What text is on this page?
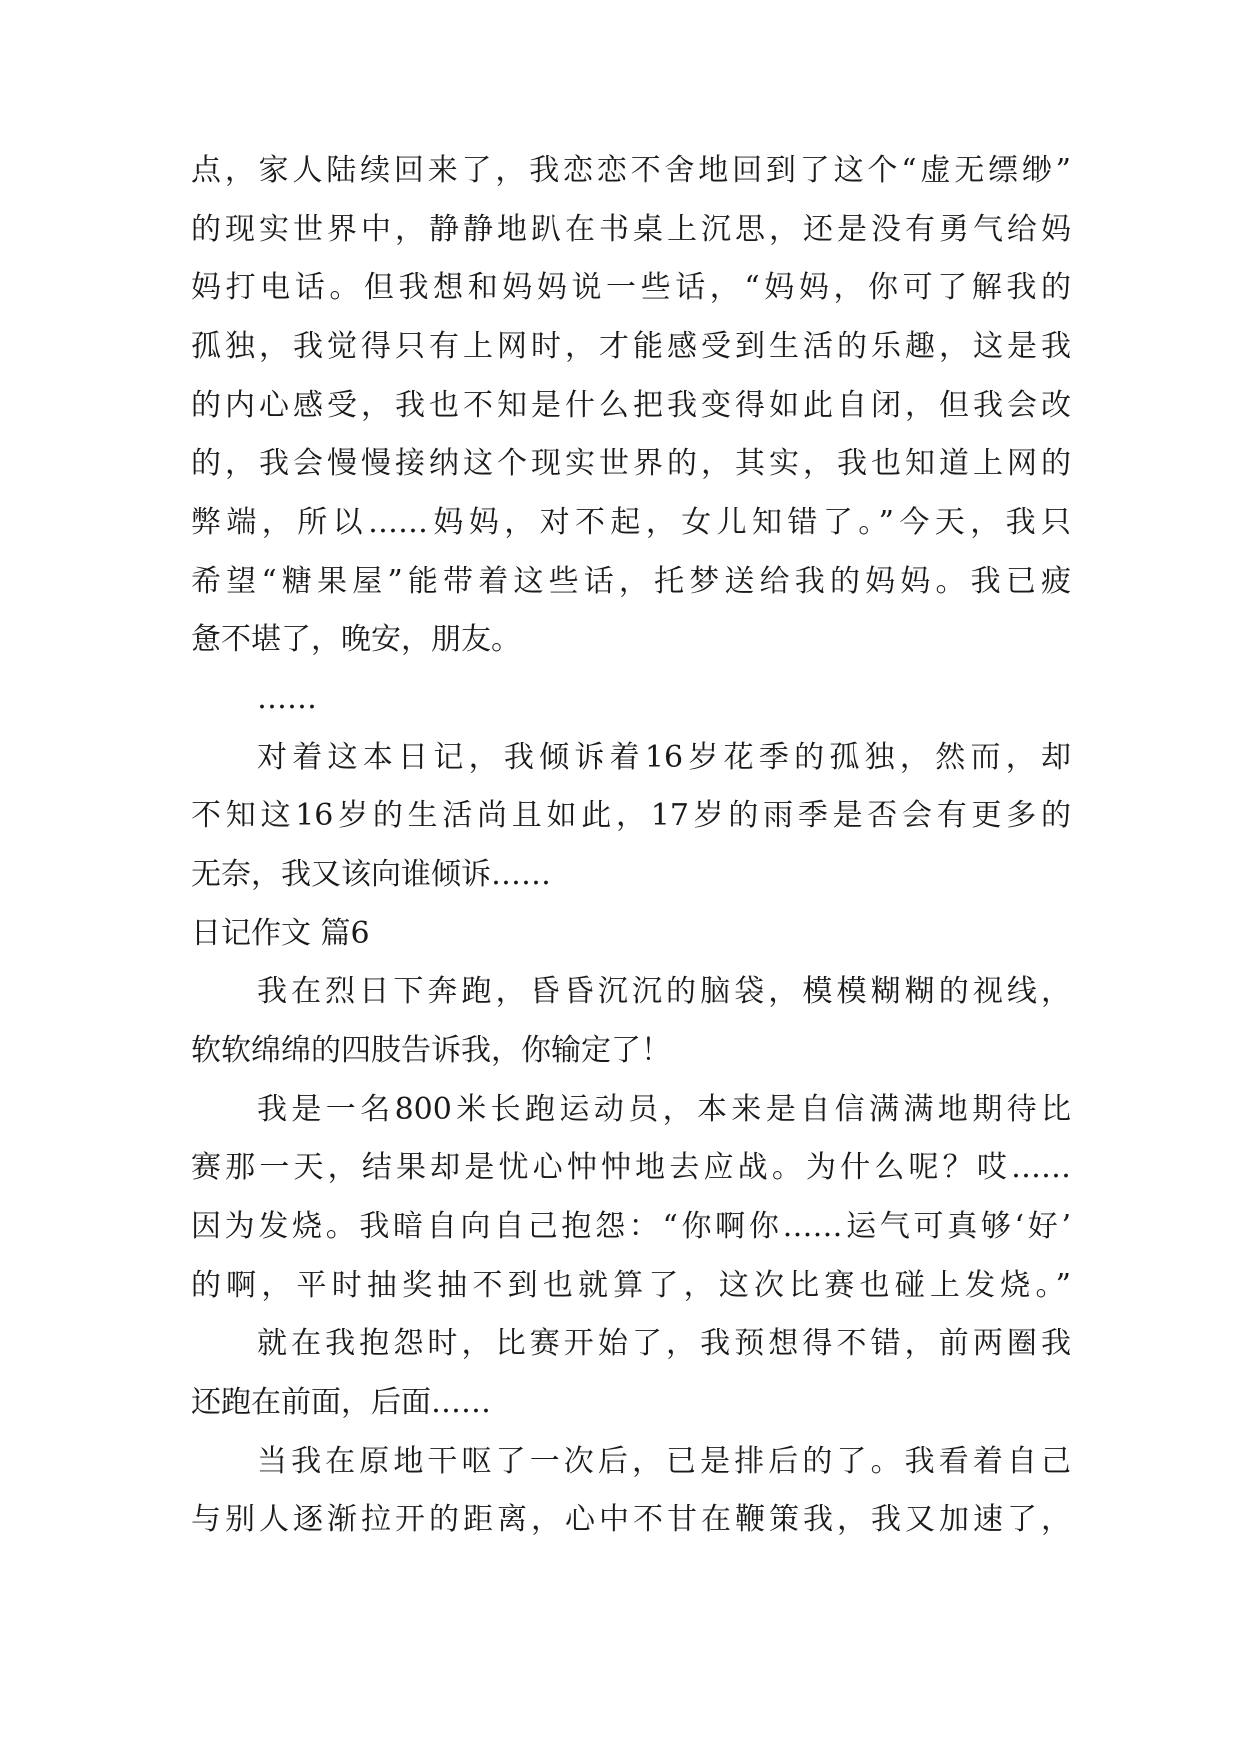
点，家人陆续回来了，我恋恋不舍地回到了这个“虚无缥缈”
的现实世界中，静静地趴在书桌上沉思，还是没有勇气给妈
妈打电话。但我想和妈妈说一些话，“妈妈，你可了解我的
孤独，我觉得只有上网时，才能感受到生活的乐趣，这是我
的内心感受，我也不知是什么把我变得如此自闭，但我会改
的，我会慢慢接纳这个现实世界的，其实，我也知道上网的
弊端，所以……妈妈，对不起，女儿知错了。”今天，我只
希望“糖果屋”能带着这些话，托梦送给我的妈妈。我已疲
惫不堪了，晚安，朋友。
……
对着这本日记，我倾诉着16岁花季的孤独，然而，却
不知这16岁的生活尚且如此，17岁的雨季是否会有更多的
无奈，我又该向谁倾诉……
日记作文 篇6
我在烈日下奔跑，昏昏沉沉的脑袋，模模糊糊的视线，
软软绵绵的四肢告诉我，你输定了！
我是一名800米长跑运动员，本来是自信满满地期待比
赛那一天，结果却是忧心忡忡地去应战。为什么呢？哎……
因为发烧。我暗自向自己抱怨：“你啊你……运气可真够‘好’
的啊，平时抽奖抽不到也就算了，这次比赛也碰上发烧。”
就在我抱怨时，比赛开始了，我预想得不错，前两圈我
还跑在前面，后面……
当我在原地干呕了一次后，已是排后的了。我看着自己
与别人逐渐拉开的距离，心中不甘在鞭策我，我又加速了，
